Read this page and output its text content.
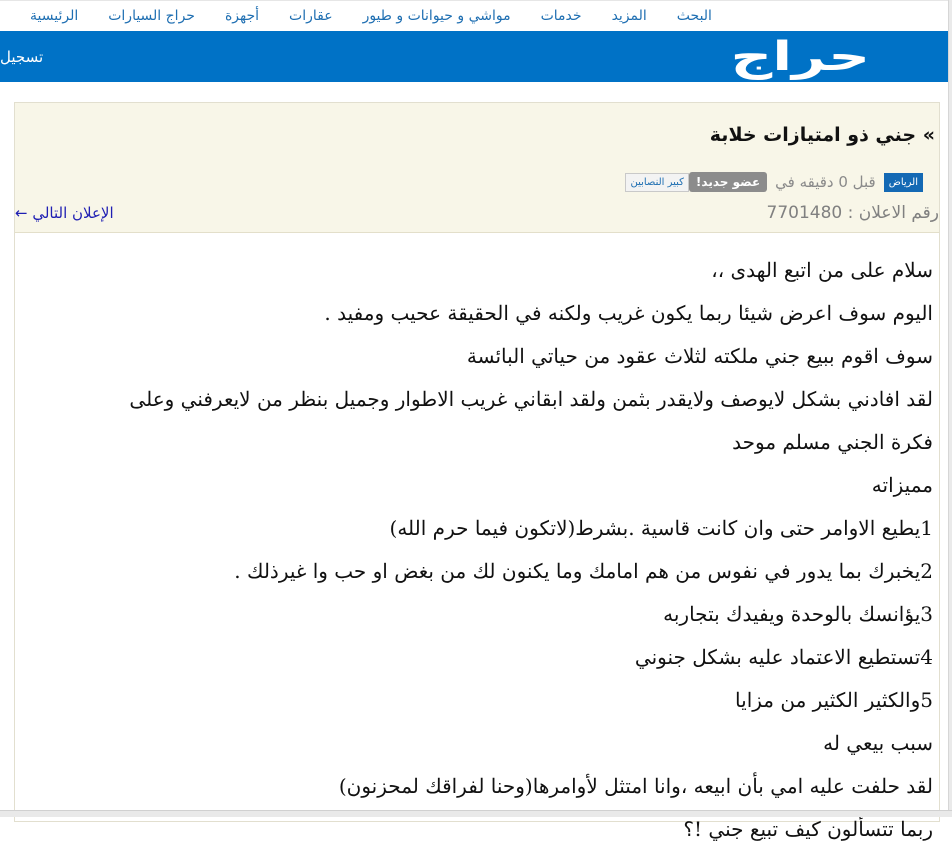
الرئيسية حراج السيارات أجهزة عقارات مواشي و حيوانات و طيور خدمات المزيد البحث
حراج
تسجيل
» جني ذو امتيازات خلابة
كبير النصابين	عضو جديد!	قبل 0 دقيقه في	الرياض
رقم الاعلان : 7701480
الإعلان التالي ←

سلام على من اتبع الهدى ،،

اليوم سوف اعرض شيئا ربما يكون غريب ولكنه في الحقيقة عحيب ومفيد .

سوف اقوم ببيع جني ملكته لثلاث عقود من حياتي البائسة

لقد افادني بشكل لايوصف ولايقدر بثمن ولقد ابقاني غريب الاطوار وجميل بنظر من لايعرفني وعلى

فكرة الجني مسلم موحد

مميزاته

1يطيع الاوامر حتى وان كانت قاسية .بشرط(لاتكون فيما حرم الله)

2يخبرك بما يدور في نفوس من هم امامك وما يكنون لك من بغض او حب وا غيرذلك .

3يؤانسك بالوحدة ويفيدك بتجاربه

4تستطيع الاعتماد عليه بشكل جنوني

5والكثير الكثير من مزايا

سبب بيعي له

لقد حلفت عليه امي بأن ابيعه ،وانا امتثل لأوامرها(وحنا لفراقك لمحزنون)

ربما تتسألون كيف تبيع جني !؟
